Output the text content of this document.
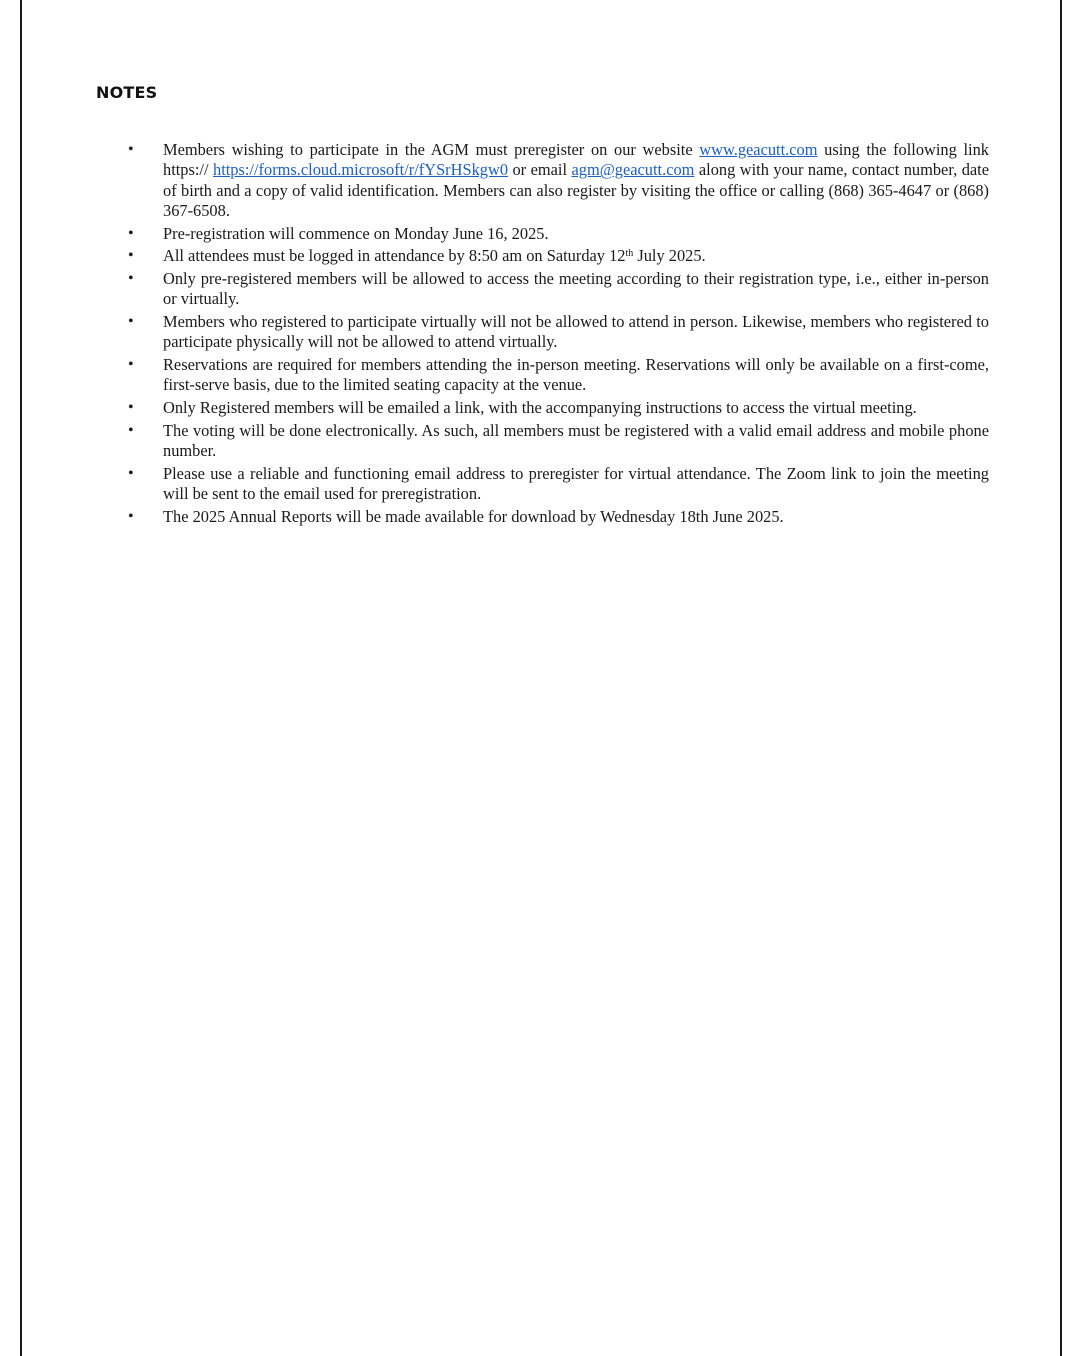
NOTES
• Members wishing to participate in the AGM must preregister on our website www.geacutt.com using the following link https:// https://forms.cloud.microsoft/r/fYSrHSkgw0 or email agm@geacutt.com along with your name, contact number, date of birth and a copy of valid identification. Members can also register by visiting the office or calling (868) 365-4647 or (868) 367-6508.
• Pre-registration will commence on Monday June 16, 2025.
• All attendees must be logged in attendance by 8:50 am on Saturday 12th July 2025.
• Only pre-registered members will be allowed to access the meeting according to their registration type, i.e., either in-person or virtually.
• Members who registered to participate virtually will not be allowed to attend in person. Likewise, members who registered to participate physically will not be allowed to attend virtually.
• Reservations are required for members attending the in-person meeting. Reservations will only be available on a first-come, first-serve basis, due to the limited seating capacity at the venue.
• Only Registered members will be emailed a link, with the accompanying instructions to access the virtual meeting.
• The voting will be done electronically. As such, all members must be registered with a valid email address and mobile phone number.
• Please use a reliable and functioning email address to preregister for virtual attendance. The Zoom link to join the meeting will be sent to the email used for preregistration.
• The 2025 Annual Reports will be made available for download by Wednesday 18th June 2025.
